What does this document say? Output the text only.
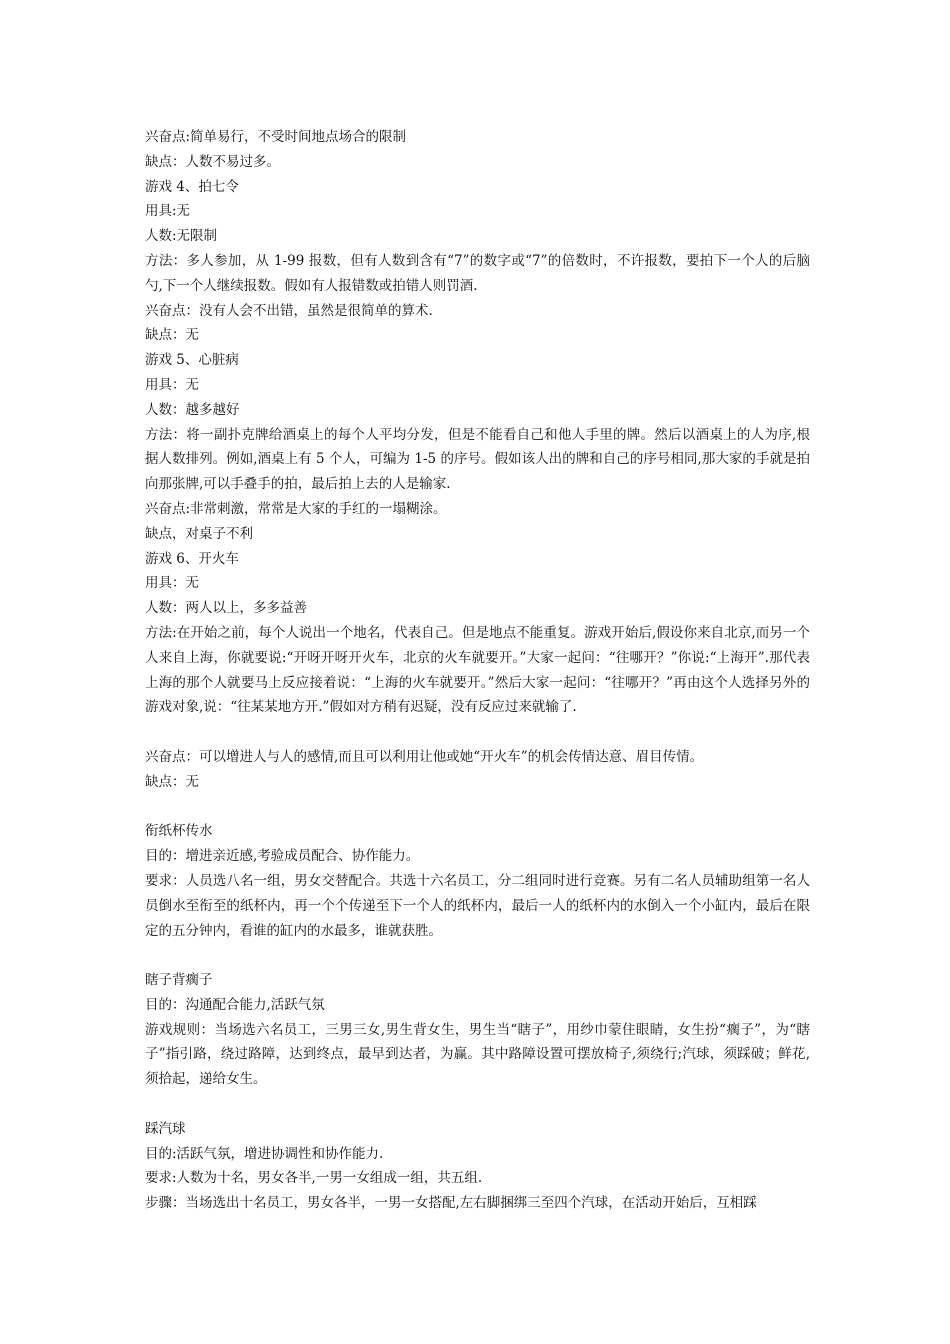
兴奋点:简单易行，不受时间地点场合的限制
缺点：人数不易过多。
游戏 4、拍七令
用具:无
人数:无限制
方法：多人参加，从 1-99 报数，但有人数到含有“7”的数字或“7”的倍数时，不许报数，要拍下一个人的后脑勺,下一个人继续报数。假如有人报错数或拍错人则罚酒.
兴奋点：没有人会不出错，虽然是很简单的算术.
缺点：无
游戏 5、心脏病
用具：无
人数：越多越好
方法：将一副扑克牌给酒桌上的每个人平均分发，但是不能看自己和他人手里的牌。然后以酒桌上的人为序,根据人数排列。例如,酒桌上有 5 个人，可编为 1-5 的序号。假如该人出的牌和自己的序号相同,那大家的手就是拍向那张牌,可以手叠手的拍，最后拍上去的人是输家.
兴奋点:非常刺激，常常是大家的手红的一塌糊涂。
缺点，对桌子不利
游戏 6、开火车
用具：无
人数：两人以上，多多益善
方法:在开始之前，每个人说出一个地名，代表自己。但是地点不能重复。游戏开始后,假设你来自北京,而另一个人来自上海，你就要说:“开呀开呀开火车，北京的火车就要开。”大家一起问：“往哪开？”你说:“上海开”.那代表上海的那个人就要马上反应接着说：“上海的火车就要开。”然后大家一起问：“往哪开？”再由这个人选择另外的游戏对象,说：“往某某地方开.”假如对方稍有迟疑，没有反应过来就输了.
兴奋点：可以增进人与人的感情,而且可以利用让他或她“开火车”的机会传情达意、眉目传情。
缺点：无
衔纸杯传水
目的：增进亲近感,考验成员配合、协作能力。
要求：人员选八名一组，男女交替配合。共选十六名员工，分二组同时进行竞赛。另有二名人员辅助组第一名人员倒水至衔至的纸杯内，再一个个传递至下一个人的纸杯内，最后一人的纸杯内的水倒入一个小缸内，最后在限定的五分钟内，看谁的缸内的水最多，谁就获胜。
瞎子背瘸子
目的：沟通配合能力,活跃气氛
游戏规则：当场选六名员工，三男三女,男生背女生，男生当“瞎子”，用纱巾蒙住眼睛，女生扮“瘸子”，为“瞎子”指引路，绕过路障，达到终点，最早到达者，为赢。其中路障设置可摆放椅子,须绕行;汽球，须踩破；鲜花,须拾起，递给女生。
踩汽球
目的:活跃气氛，增进协调性和协作能力.
要求:人数为十名，男女各半,一男一女组成一组，共五组.
步骤：当场选出十名员工，男女各半，一男一女搭配,左右脚捆绑三至四个汽球，在活动开始后，互相踩
